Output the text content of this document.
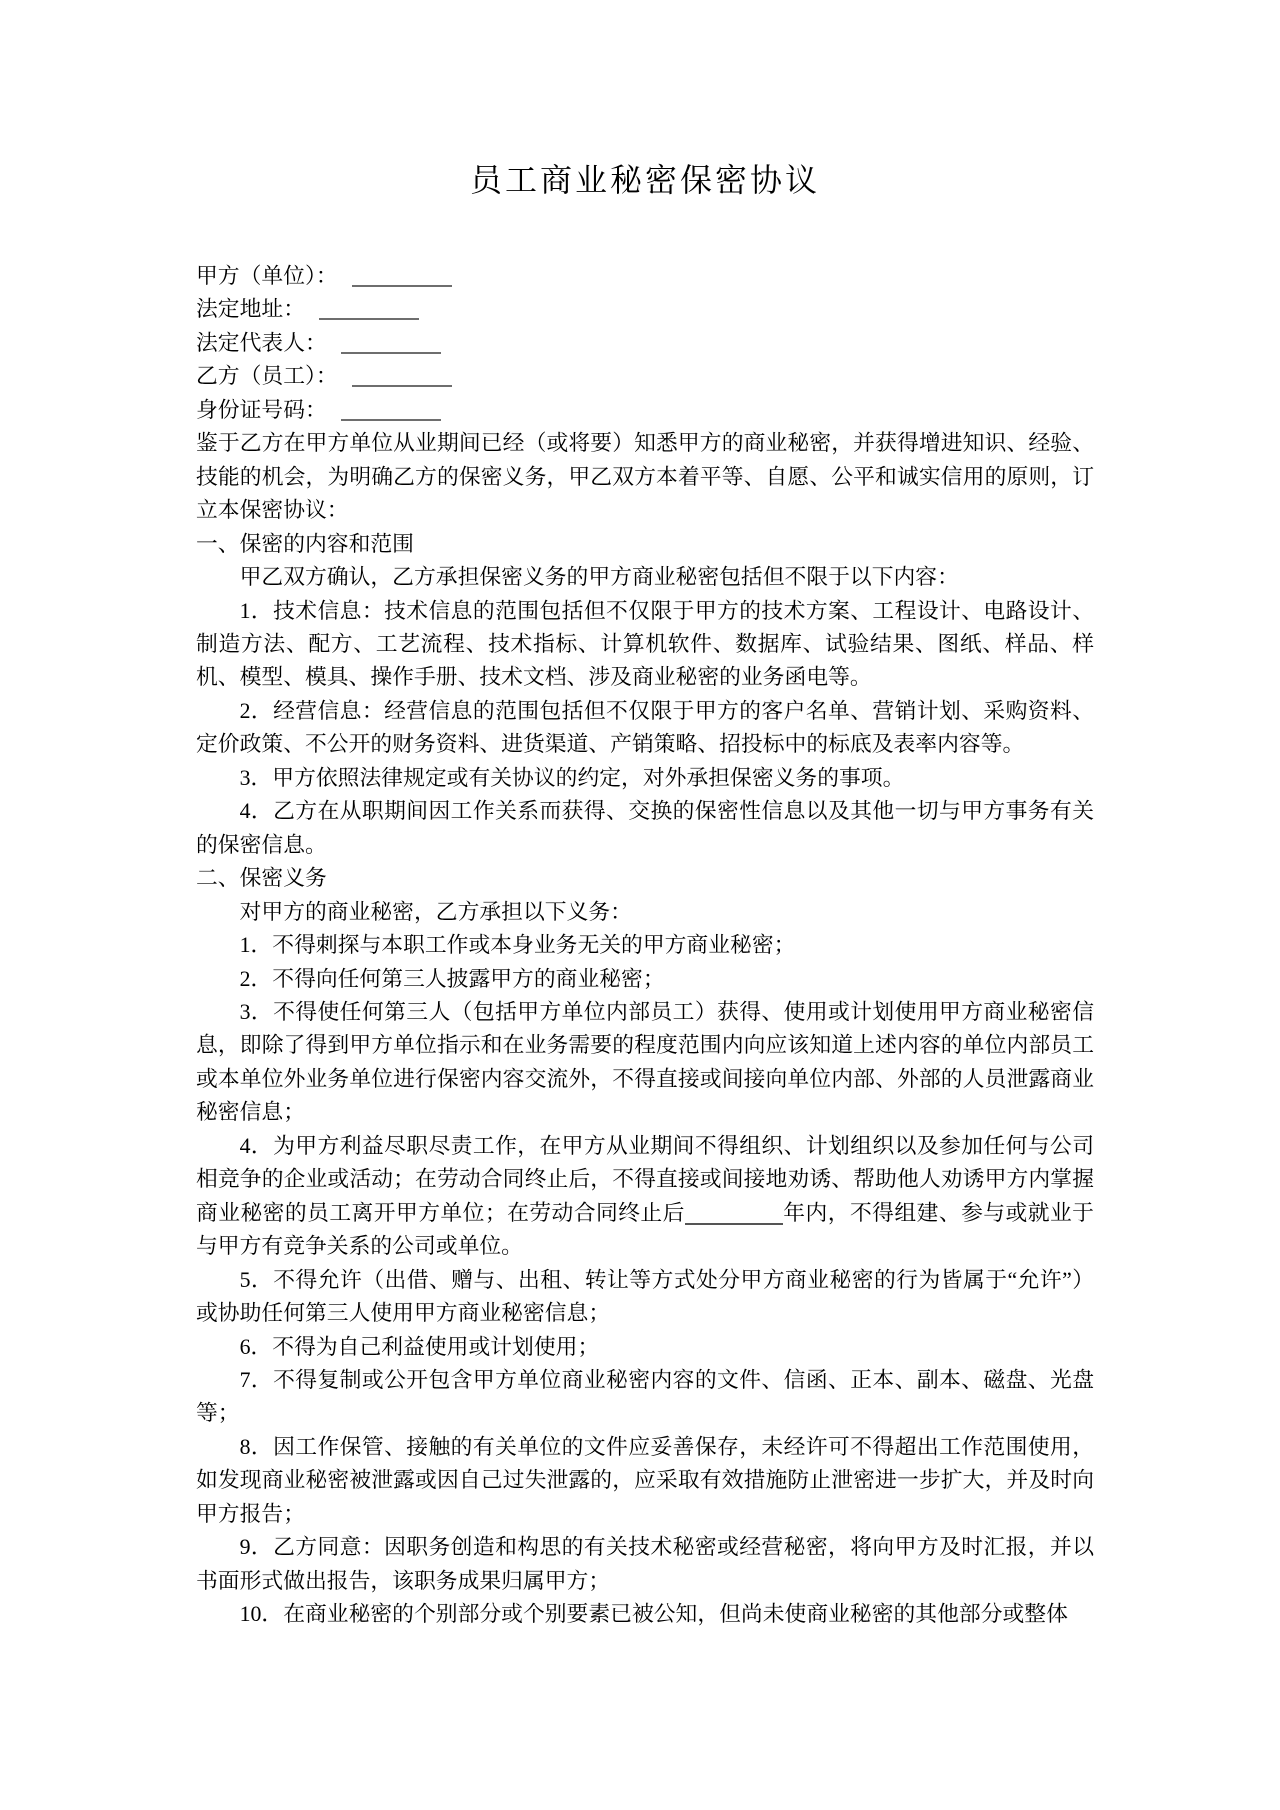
员工商业秘密保密协议
甲方（单位）：
法定地址：
法定代表人：
乙方（员工）：
身份证号码：

鉴于乙方在甲方单位从业期间已经（或将要）知悉甲方的商业秘密，并获得增进知识、经验、技能的机会，为明确乙方的保密义务，甲乙双方本着平等、自愿、公平和诚实信用的原则，订立本保密协议：

一、保密的内容和范围

甲乙双方确认，乙方承担保密义务的甲方商业秘密包括但不限于以下内容：

1．技术信息：技术信息的范围包括但不仅限于甲方的技术方案、工程设计、电路设计、制造方法、配方、工艺流程、技术指标、计算机软件、数据库、试验结果、图纸、样品、样机、模型、模具、操作手册、技术文档、涉及商业秘密的业务函电等。

2．经营信息：经营信息的范围包括但不仅限于甲方的客户名单、营销计划、采购资料、定价政策、不公开的财务资料、进货渠道、产销策略、招投标中的标底及表率内容等。

3．甲方依照法律规定或有关协议的约定，对外承担保密义务的事项。

4．乙方在从职期间因工作关系而获得、交换的保密性信息以及其他一切与甲方事务有关的保密信息。

二、保密义务

对甲方的商业秘密，乙方承担以下义务：

1．不得刺探与本职工作或本身业务无关的甲方商业秘密；

2．不得向任何第三人披露甲方的商业秘密；

3．不得使任何第三人（包括甲方单位内部员工）获得、使用或计划使用甲方商业秘密信息，即除了得到甲方单位指示和在业务需要的程度范围内向应该知道上述内容的单位内部员工或本单位外业务单位进行保密内容交流外，不得直接或间接向单位内部、外部的人员泄露商业秘密信息；

4．为甲方利益尽职尽责工作，在甲方从业期间不得组织、计划组织以及参加任何与公司相竞争的企业或活动；在劳动合同终止后，不得直接或间接地劝诱、帮助他人劝诱甲方内掌握商业秘密的员工离开甲方单位；在劳动合同终止后	年内，不得组建、参与或就业于与甲方有竞争关系的公司或单位。

5．不得允许（出借、赠与、出租、转让等方式处分甲方商业秘密的行为皆属于“允许”）或协助任何第三人使用甲方商业秘密信息；

6．不得为自己利益使用或计划使用；

7．不得复制或公开包含甲方单位商业秘密内容的文件、信函、正本、副本、磁盘、光盘等；

8．因工作保管、接触的有关单位的文件应妥善保存，未经许可不得超出工作范围使用，如发现商业秘密被泄露或因自己过失泄露的，应采取有效措施防止泄密进一步扩大，并及时向甲方报告；

9．乙方同意：因职务创造和构思的有关技术秘密或经营秘密，将向甲方及时汇报，并以书面形式做出报告，该职务成果归属甲方；

10．在商业秘密的个别部分或个别要素已被公知，但尚未使商业秘密的其他部分或整体
